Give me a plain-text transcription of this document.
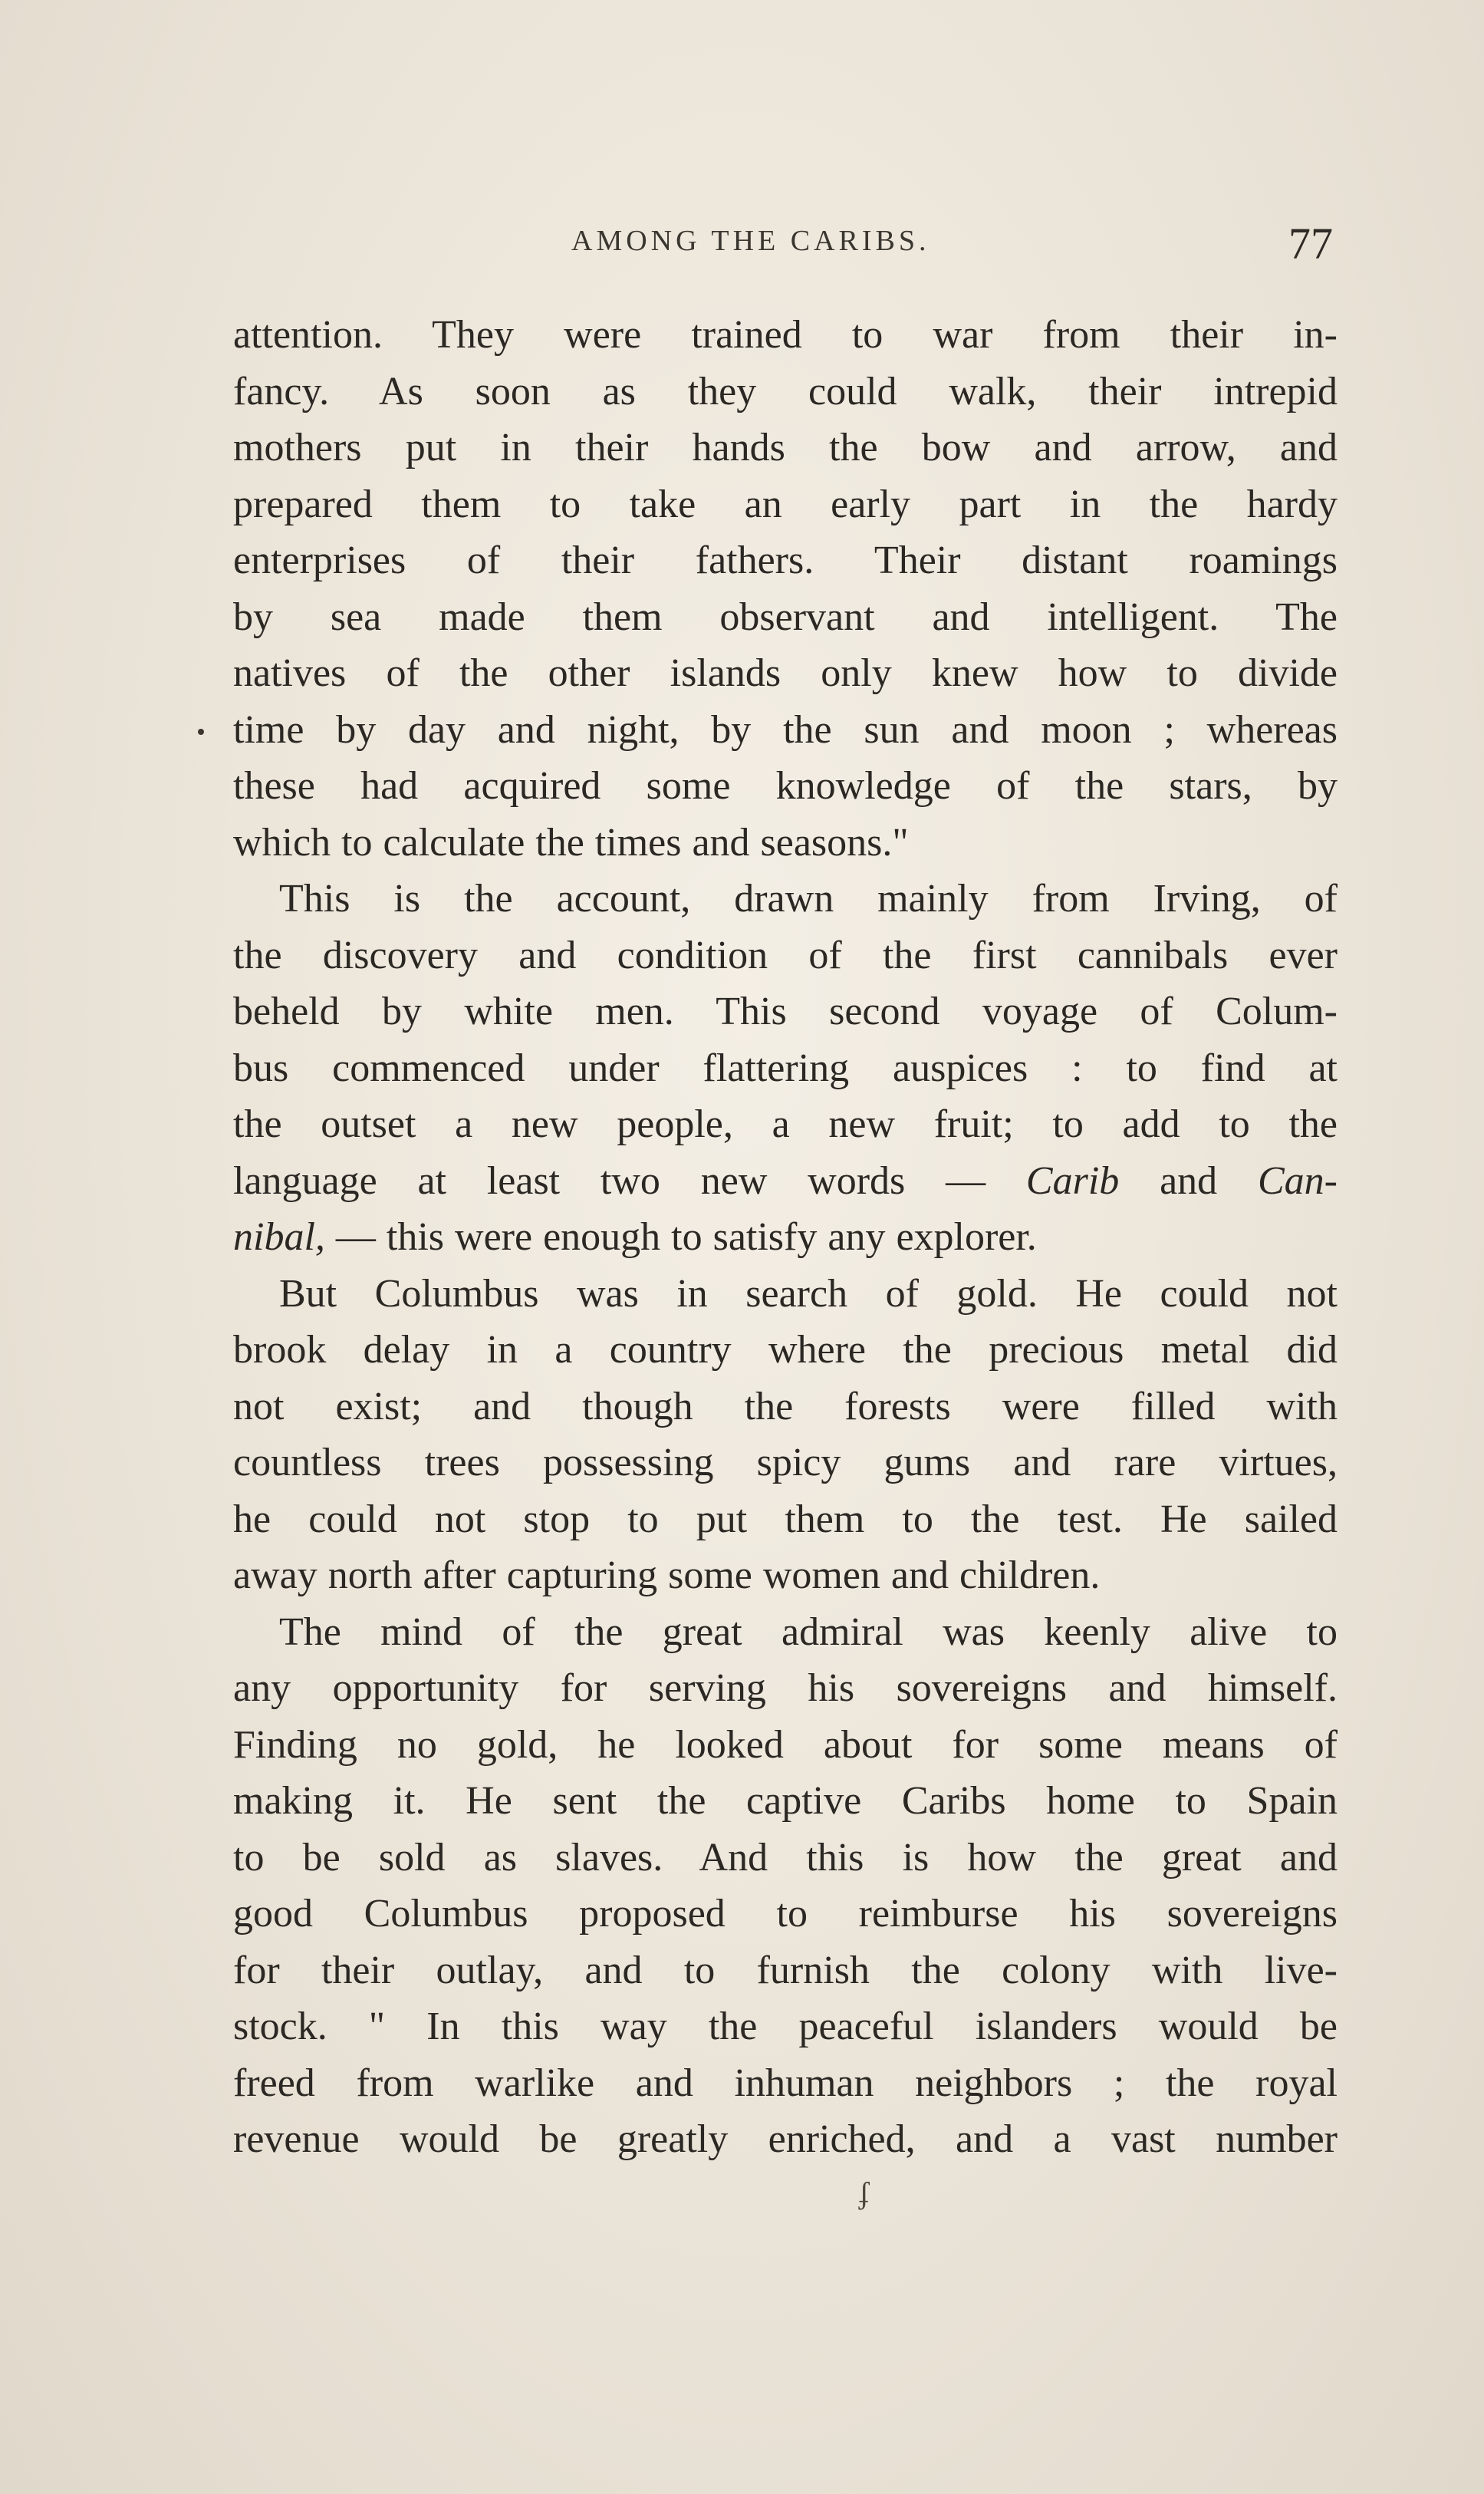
AMONG THE CARIBS.	77
attention. They were trained to war from their in-
fancy. As soon as they could walk, their intrepid
mothers put in their hands the bow and arrow, and
prepared them to take an early part in the hardy
enterprises of their fathers. Their distant roamings
by sea made them observant and intelligent. The
natives of the other islands only knew how to divide
time by day and night, by the sun and moon ; whereas
these had acquired some knowledge of the stars, by
which to calculate the times and seasons."
This is the account, drawn mainly from Irving, of
the discovery and condition of the first cannibals ever
beheld by white men. This second voyage of Colum-
bus commenced under flattering auspices : to find at
the outset a new people, a new fruit; to add to the
language at least two new words — Carib and Can-
nibal, — this were enough to satisfy any explorer.
But Columbus was in search of gold. He could not
brook delay in a country where the precious metal did
not exist; and though the forests were filled with
countless trees possessing spicy gums and rare virtues,
he could not stop to put them to the test. He sailed
away north after capturing some women and children.
The mind of the great admiral was keenly alive to
any opportunity for serving his sovereigns and himself.
Finding no gold, he looked about for some means of
making it. He sent the captive Caribs home to Spain
to be sold as slaves. And this is how the great and
good Columbus proposed to reimburse his sovereigns
for their outlay, and to furnish the colony with live-
stock. " In this way the peaceful islanders would be
freed from warlike and inhuman neighbors ; the royal
revenue would be greatly enriched, and a vast number
ʄ
